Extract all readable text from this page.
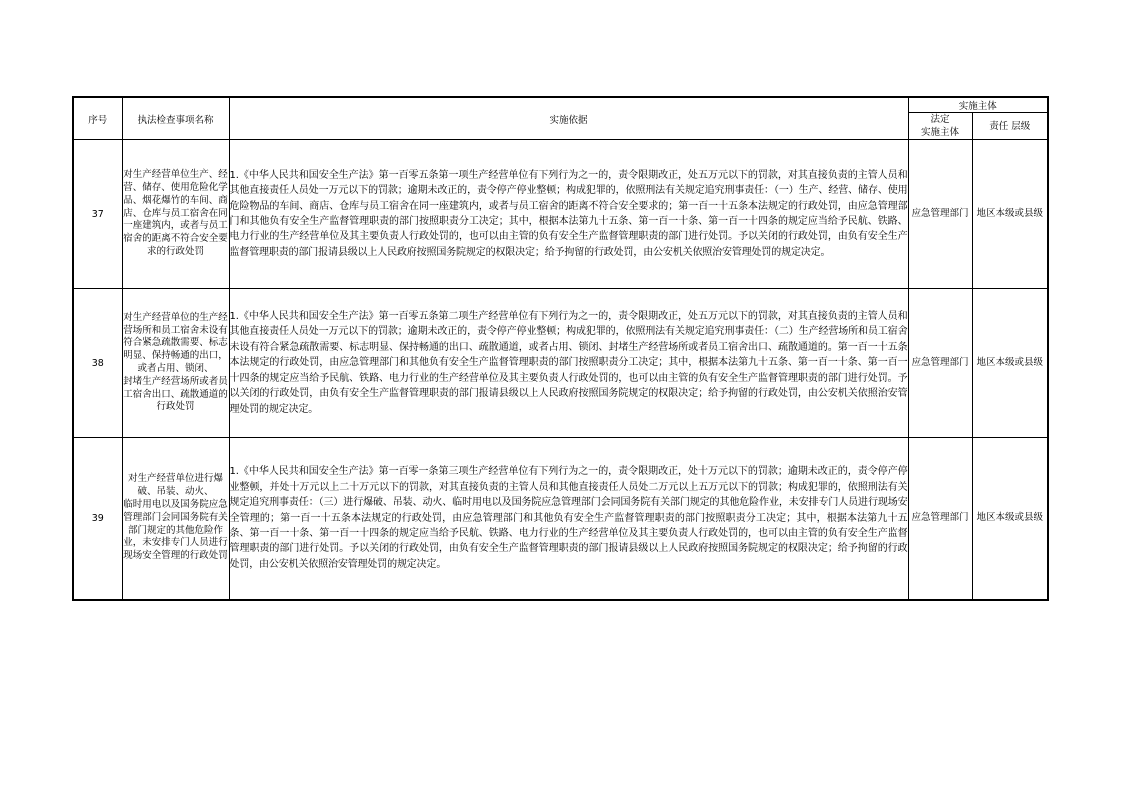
序号	执法检查事项名称	实施依据	实施主体	
			法定
实施主体	责任 层级
37	对生产经营单位生产、经营、储存、使用危险化学品、烟花爆竹的车间、商店、仓库与员工宿舍在同一座建筑内，或者与员工宿舍的距离不符合安全要求的行政处罚	1.《中华人民共和国安全生产法》第一百零五条第一项生产经营单位有下列行为之一的，责令限期改正，处五万元以下的罚款，对其直接负责的主管人员和其他直接责任人员处一万元以下的罚款；逾期未改正的，责令停产停业整顿；构成犯罪的，依照刑法有关规定追究刑事责任：（一）生产、经营、储存、使用危险物品的车间、商店、仓库与员工宿舍在同一座建筑内，或者与员工宿舍的距离不符合安全要求的；第一百一十五条本法规定的行政处罚，由应急管理部门和其他负有安全生产监督管理职责的部门按照职责分工决定；其中，根据本法第九十五条、第一百一十条、第一百一十四条的规定应当给予民航、铁路、电力行业的生产经营单位及其主要负责人行政处罚的，也可以由主管的负有安全生产监督管理职责的部门进行处罚。予以关闭的行政处罚，由负有安全生产监督管理职责的部门报请县级以上人民政府按照国务院规定的权限决定；给予拘留的行政处罚，由公安机关依照治安管理处罚的规定决定。	应急管理部门	地区本级或县级
38	对生产经营单位的生产经营场所和员工宿舍未设有符合紧急疏散需要、标志明显、保持畅通的出口，或者占用、锁闭、
封堵生产经营场所或者员工宿舍出口、疏散通道的行政处罚	1.《中华人民共和国安全生产法》第一百零五条第二项生产经营单位有下列行为之一的，责令限期改正，处五万元以下的罚款，对其直接负责的主管人员和其他直接责任人员处一万元以下的罚款；逾期未改正的，责令停产停业整顿；构成犯罪的，依照刑法有关规定追究刑事责任：（二）生产经营场所和员工宿舍未设有符合紧急疏散需要、标志明显、保持畅通的出口、疏散通道，或者占用、锁闭、封堵生产经营场所或者员工宿舍出口、疏散通道的。第一百一十五条本法规定的行政处罚，由应急管理部门和其他负有安全生产监督管理职责的部门按照职责分工决定；其中，根据本法第九十五条、第一百一十条、第一百一十四条的规定应当给予民航、铁路、电力行业的生产经营单位及其主要负责人行政处罚的，也可以由主管的负有安全生产监督管理职责的部门进行处罚。予以关闭的行政处罚，由负有安全生产监督管理职责的部门报请县级以上人民政府按照国务院规定的权限决定；给予拘留的行政处罚，由公安机关依照治安管理处罚的规定决定。	应急管理部门	地区本级或县级
39	对生产经营单位进行爆破、吊装、动火、
临时用电以及国务院应急管理部门会同国务院有关部门规定的其他危险作业，未安排专门人员进行现场安全管理的行政处罚	1.《中华人民共和国安全生产法》第一百零一条第三项生产经营单位有下列行为之一的，责令限期改正，处十万元以下的罚款；逾期未改正的，责令停产停业整顿，并处十万元以上二十万元以下的罚款，对其直接负责的主管人员和其他直接责任人员处二万元以上五万元以下的罚款；构成犯罪的，依照刑法有关规定追究刑事责任：（三）进行爆破、吊装、动火、临时用电以及国务院应急管理部门会同国务院有关部门规定的其他危险作业，未安排专门人员进行现场安全管理的；第一百一十五条本法规定的行政处罚，由应急管理部门和其他负有安全生产监督管理职责的部门按照职责分工决定；其中，根据本法第九十五条、第一百一十条、第一百一十四条的规定应当给予民航、铁路、电力行业的生产经营单位及其主要负责人行政处罚的，也可以由主管的负有安全生产监督管理职责的部门进行处罚。予以关闭的行政处罚，由负有安全生产监督管理职责的部门报请县级以上人民政府按照国务院规定的权限决定；给予拘留的行政处罚，由公安机关依照治安管理处罚的规定决定。	应急管理部门	地区本级或县级
